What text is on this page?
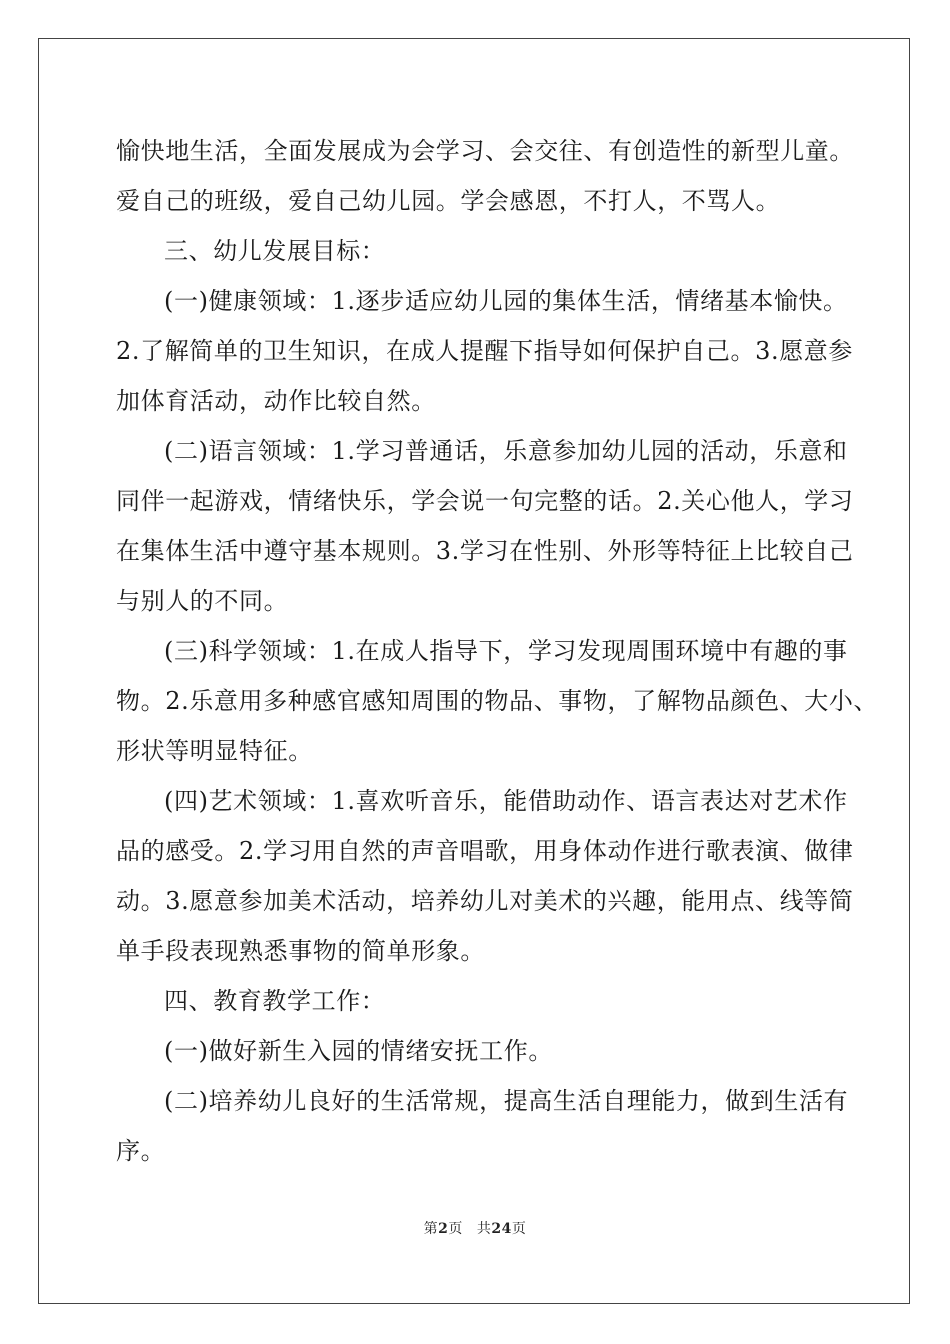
愉快地生活，全面发展成为会学习、会交往、有创造性的新型儿童。
爱自己的班级，爱自己幼儿园。学会感恩，不打人，不骂人。
三、幼儿发展目标：
(一)健康领域：1.逐步适应幼儿园的集体生活，情绪基本愉快。
2.了解简单的卫生知识，在成人提醒下指导如何保护自己。3.愿意参
加体育活动，动作比较自然。
(二)语言领域：1.学习普通话，乐意参加幼儿园的活动，乐意和
同伴一起游戏，情绪快乐，学会说一句完整的话。2.关心他人，学习
在集体生活中遵守基本规则。3.学习在性别、外形等特征上比较自己
与别人的不同。
(三)科学领域：1.在成人指导下，学习发现周围环境中有趣的事
物。2.乐意用多种感官感知周围的物品、事物，了解物品颜色、大小、
形状等明显特征。
(四)艺术领域：1.喜欢听音乐，能借助动作、语言表达对艺术作
品的感受。2.学习用自然的声音唱歌，用身体动作进行歌表演、做律
动。3.愿意参加美术活动，培养幼儿对美术的兴趣，能用点、线等简
单手段表现熟悉事物的简单形象。
四、教育教学工作：
(一)做好新生入园的情绪安抚工作。
(二)培养幼儿良好的生活常规，提高生活自理能力，做到生活有
序。
第2页 共24页
